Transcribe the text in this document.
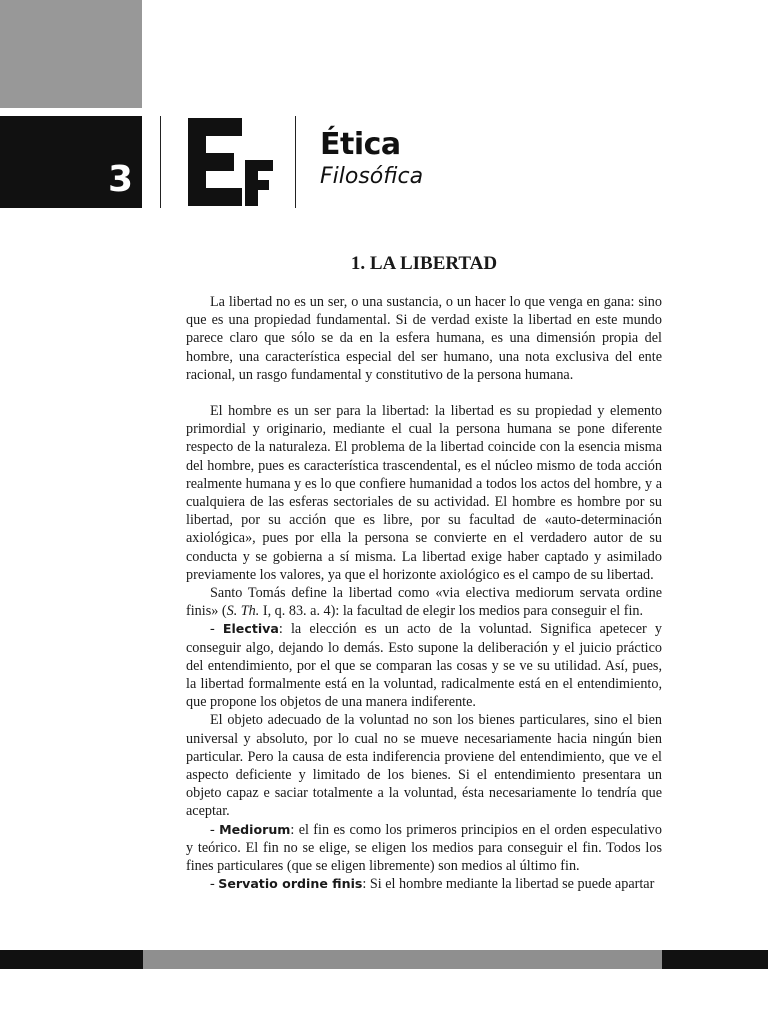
3
Ética
Filosófica
1. LA LIBERTAD

La libertad no es un ser, o una sustancia, o un hacer lo que venga en gana: sino que es una propiedad fundamental. Si de verdad existe la libertad en este mundo parece claro que sólo se da en la esfera humana, es una dimensión propia del hombre, una característica especial del ser humano, una nota exclusiva del ente racional, un rasgo fundamental y constitutivo de la persona humana.

El hombre es un ser para la libertad: la libertad es su propiedad y elemento primordial y originario, mediante el cual la persona humana se pone diferente respecto de la naturaleza. El problema de la libertad coincide con la esencia misma del hombre, pues es característica trascendental, es el núcleo mismo de toda acción realmente humana y es lo que confiere humanidad a todos los actos del hombre, y a cualquiera de las esferas sectoriales de su actividad. El hombre es hombre por su libertad, por su acción que es libre, por su facultad de «auto-determinación axiológica», pues por ella la persona se convierte en el verdadero autor de su conducta y se gobierna a sí misma. La libertad exige haber captado y asimilado previamente los valores, ya que el horizonte axiológico es el campo de su libertad.

Santo Tomás define la libertad como «via electiva mediorum servata ordine finis» (S. Th. I, q. 83. a. 4): la facultad de elegir los medios para conseguir el fin.

- Electiva: la elección es un acto de la voluntad. Significa apetecer y conseguir algo, dejando lo demás. Esto supone la deliberación y el juicio práctico del entendimiento, por el que se comparan las cosas y se ve su utilidad. Así, pues, la libertad formalmente está en la voluntad, radicalmente está en el entendimiento, que propone los objetos de una manera indiferente.

El objeto adecuado de la voluntad no son los bienes particulares, sino el bien universal y absoluto, por lo cual no se mueve necesariamente hacia ningún bien particular. Pero la causa de esta indiferencia proviene del entendimiento, que ve el aspecto deficiente y limitado de los bienes. Si el entendimiento presentara un objeto capaz e saciar totalmente a la voluntad, ésta necesariamente lo tendría que aceptar.

- Mediorum: el fin es como los primeros principios en el orden especulativo y teórico. El fin no se elige, se eligen los medios para conseguir el fin. Todos los fines particulares (que se eligen libremente) son medios al último fin.

- Servatio ordine finis: Si el hombre mediante la libertad se puede apartar
